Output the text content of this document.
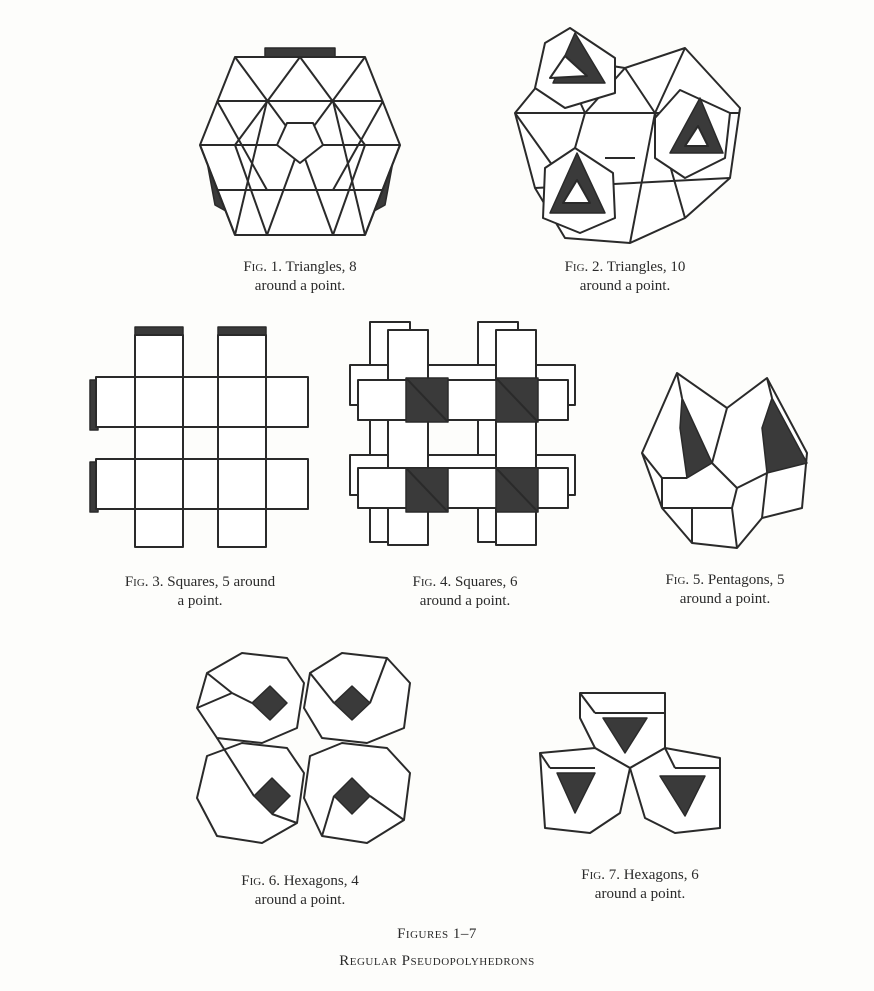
Fig. 1. Triangles, 8
around a point.
Fig. 2. Triangles, 10
around a point.
Fig. 3. Squares, 5 around
a point.
Fig. 4. Squares, 6
around a point.
Fig. 5. Pentagons, 5
around a point.
Fig. 6. Hexagons, 4
around a point.
Fig. 7. Hexagons, 6
around a point.
Figures 1–7
Regular Pseudopolyhedrons
